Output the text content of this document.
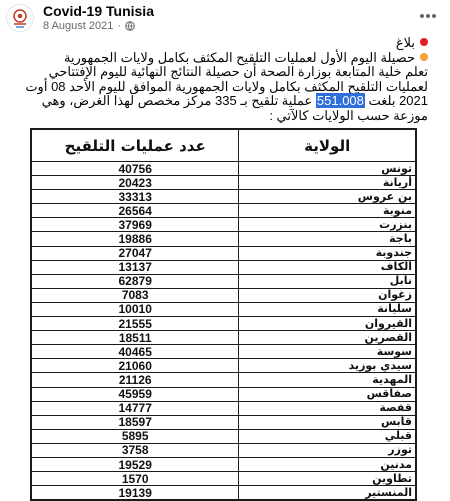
Covid-19 Tunisia
8 August 2021 ·

بلاغ

حصيلة اليوم الأول لعمليات التلقيح المكثف بكامل ولايات الجمهورية

تعلم خلية المتابعة بوزارة الصحة أن حصيلة النتائج النهائية لليوم الإفتتاحي لعمليات التلقيح المكثف بكامل ولايات الجمهورية الموافق لليوم الأحد 08 أوت 2021 بلغت 551.008 عملية تلقيح بـ 335 مركز مخصص لهذا الغرض، وهي موزعة حسب الولايات كالآتي :

الولاية	عدد عمليات التلقيح
تونس	40756
أريانة	20423
بن عروس	33313
منوبة	26564
بنزرت	37969
باجة	19886
جندوبة	27047
الكاف	13137
نابل	62879
زغوان	7083
سليانة	10010
القيروان	21555
القصرين	18511
سوسة	40465
سيدي بوزيد	21060
المهدية	21126
صفاقس	45959
قفصة	14777
قابس	18597
قبلي	5895
توزر	3758
مدنين	19529
تطاوين	1570
المنستير	19139
